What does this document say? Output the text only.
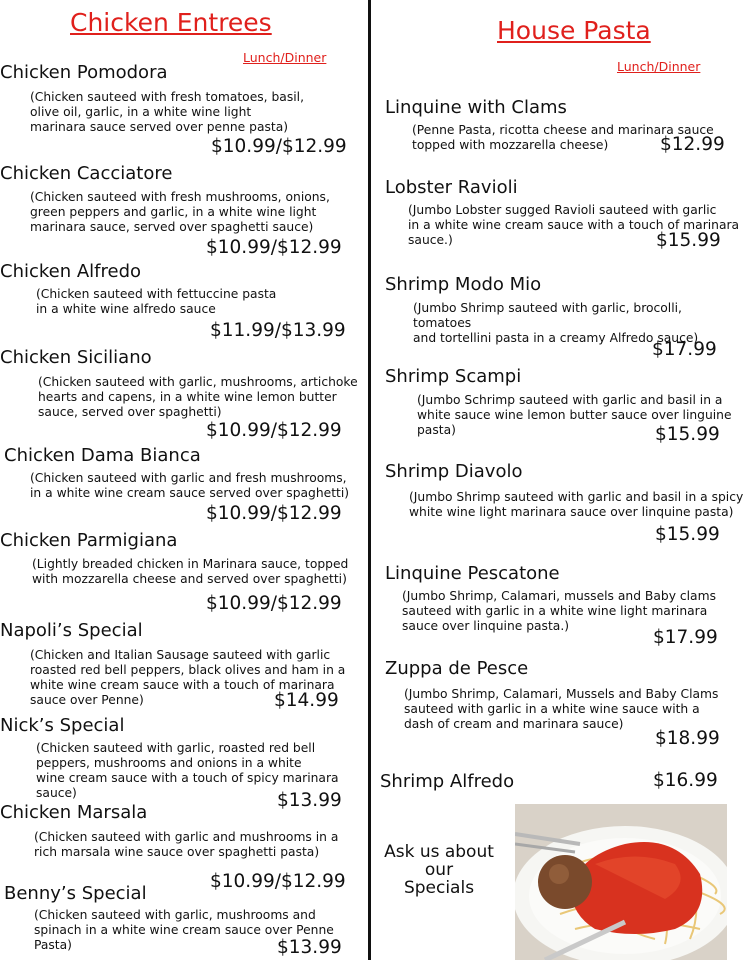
Chicken Entrees
Lunch/Dinner
Chicken Pomodora
(Chicken sauteed with fresh tomatoes, basil,
olive oil, garlic, in a white wine light
marinara sauce served over penne pasta)
$10.99/$12.99
Chicken Cacciatore
(Chicken sauteed with fresh mushrooms, onions,
green peppers and garlic, in a white wine light
marinara sauce, served over spaghetti sauce)
$10.99/$12.99
Chicken Alfredo
(Chicken sauteed with fettuccine pasta
in a white wine alfredo sauce
$11.99/$13.99
Chicken Siciliano
(Chicken sauteed with garlic, mushrooms, artichoke
hearts and capens, in a white wine lemon butter
sauce, served over spaghetti)
$10.99/$12.99
Chicken Dama Bianca
(Chicken sauteed with garlic and fresh mushrooms,
in a white wine cream sauce served over spaghetti)
$10.99/$12.99
Chicken Parmigiana
(Lightly breaded chicken in Marinara sauce, topped
with mozzarella cheese and served over spaghetti)
$10.99/$12.99
Napoli’s Special
(Chicken and Italian Sausage sauteed with garlic
roasted red bell peppers, black olives and ham in a
white wine cream sauce with a touch of marinara
sauce over Penne)	$14.99
Nick’s Special
(Chicken sauteed with garlic, roasted red bell
peppers, mushrooms and onions in a white
wine cream sauce with a touch of spicy marinara
sauce)	$13.99
Chicken Marsala
(Chicken sauteed with garlic and mushrooms in a
rich marsala wine sauce over spaghetti pasta)
$10.99/$12.99
Benny’s Special
(Chicken sauteed with garlic, mushrooms and
spinach in a white wine cream sauce over Penne
Pasta)	$13.99
House Pasta
Lunch/Dinner
Linquine with Clams
(Penne Pasta, ricotta cheese and marinara sauce
topped with mozzarella cheese)	$12.99
Lobster Ravioli
(Jumbo Lobster sugged Ravioli sauteed with garlic
in a white wine cream sauce with a touch of marinara
sauce.)	$15.99
Shrimp Modo Mio
(Jumbo Shrimp sauteed with garlic, brocolli, tomatoes
and tortellini pasta in a creamy Alfredo sauce)
$17.99
Shrimp Scampi
(Jumbo Schrimp sauteed with garlic and basil in a
white sauce wine lemon butter sauce over linguine
pasta)	$15.99
Shrimp Diavolo
(Jumbo Shrimp sauteed with garlic and basil in a spicy
white wine light marinara sauce over linquine pasta)
$15.99
Linquine Pescatone
(Jumbo Shrimp, Calamari, mussels and Baby clams
sauteed with garlic in a white wine light marinara
sauce over linquine pasta.)
$17.99
Zuppa de Pesce
(Jumbo Shrimp, Calamari, Mussels and Baby Clams
sauteed with garlic in a white wine sauce with a
dash of cream and marinara sauce)
$18.99
Shrimp Alfredo	$16.99
Ask us about
our
Specials
